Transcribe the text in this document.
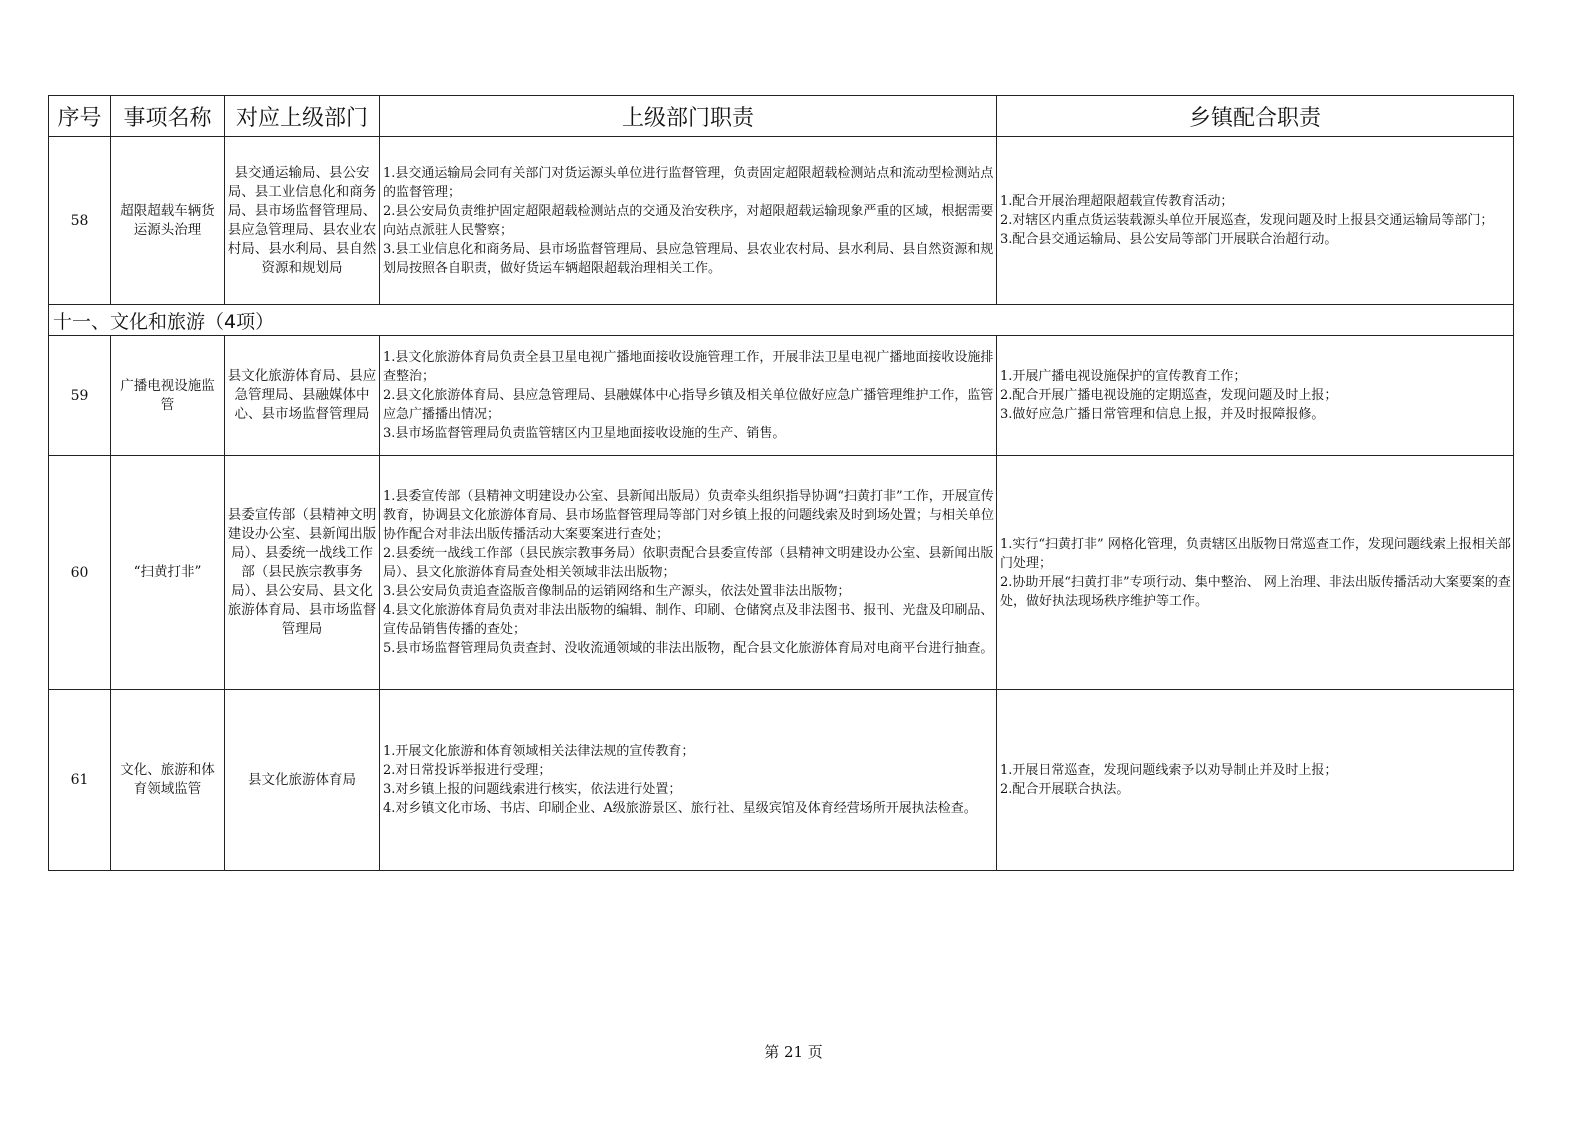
序号	事项名称	对应上级部门	上级部门职责	乡镇配合职责
58	超限超载车辆货运源头治理	县交通运输局、县公安局、县工业信息化和商务局、县市场监督管理局、县应急管理局、县农业农村局、县水利局、县自然资源和规划局	1.县交通运输局会同有关部门对货运源头单位进行监督管理，负责固定超限超载检测站点和流动型检测站点的监督管理；
2.县公安局负责维护固定超限超载检测站点的交通及治安秩序，对超限超载运输现象严重的区域，根据需要向站点派驻人民警察；
3.县工业信息化和商务局、县市场监督管理局、县应急管理局、县农业农村局、县水利局、县自然资源和规划局按照各自职责，做好货运车辆超限超载治理相关工作。	1.配合开展治理超限超载宣传教育活动；
2.对辖区内重点货运装载源头单位开展巡查，发现问题及时上报县交通运输局等部门；
3.配合县交通运输局、县公安局等部门开展联合治超行动。

十一、文化和旅游（4项）				
59	广播电视设施监管	县文化旅游体育局、县应急管理局、县融媒体中心、县市场监督管理局	1.县文化旅游体育局负责全县卫星电视广播地面接收设施管理工作，开展非法卫星电视广播地面接收设施排查整治；
2.县文化旅游体育局、县应急管理局、县融媒体中心指导乡镇及相关单位做好应急广播管理维护工作，监管应急广播播出情况；
3.县市场监督管理局负责监管辖区内卫星地面接收设施的生产、销售。	1.开展广播电视设施保护的宣传教育工作；
2.配合开展广播电视设施的定期巡查，发现问题及时上报；
3.做好应急广播日常管理和信息上报，并及时报障报修。

60	“扫黄打非”	县委宣传部（县精神文明建设办公室、县新闻出版局）、县委统一战线工作部（县民族宗教事务局）、县公安局、县文化旅游体育局、县市场监督管理局	1.县委宣传部（县精神文明建设办公室、县新闻出版局）负责牵头组织指导协调“扫黄打非”工作，开展宣传教育，协调县文化旅游体育局、县市场监督管理局等部门对乡镇上报的问题线索及时到场处置；与相关单位协作配合对非法出版传播活动大案要案进行查处；
2.县委统一战线工作部（县民族宗教事务局）依职责配合县委宣传部（县精神文明建设办公室、县新闻出版局）、县文化旅游体育局查处相关领域非法出版物；
3.县公安局负责追查盗版音像制品的运销网络和生产源头，依法处置非法出版物；
4.县文化旅游体育局负责对非法出版物的编辑、制作、印刷、仓储窝点及非法图书、报刊、光盘及印刷品、宣传品销售传播的查处；
5.县市场监督管理局负责查封、没收流通领域的非法出版物，配合县文化旅游体育局对电商平台进行抽查。	1.实行“扫黄打非” 网格化管理，负责辖区出版物日常巡查工作，发现问题线索上报相关部门处理；
2.协助开展“扫黄打非”专项行动、集中整治、 网上治理、非法出版传播活动大案要案的查处，做好执法现场秩序维护等工作。

61	文化、旅游和体育领域监管	县文化旅游体育局	1.开展文化旅游和体育领域相关法律法规的宣传教育；
2.对日常投诉举报进行受理；
3.对乡镇上报的问题线索进行核实，依法进行处置；
4.对乡镇文化市场、书店、印刷企业、A级旅游景区、旅行社、星级宾馆及体育经营场所开展执法检查。	1.开展日常巡查，发现问题线索予以劝导制止并及时上报；
2.配合开展联合执法。
第 21 页
